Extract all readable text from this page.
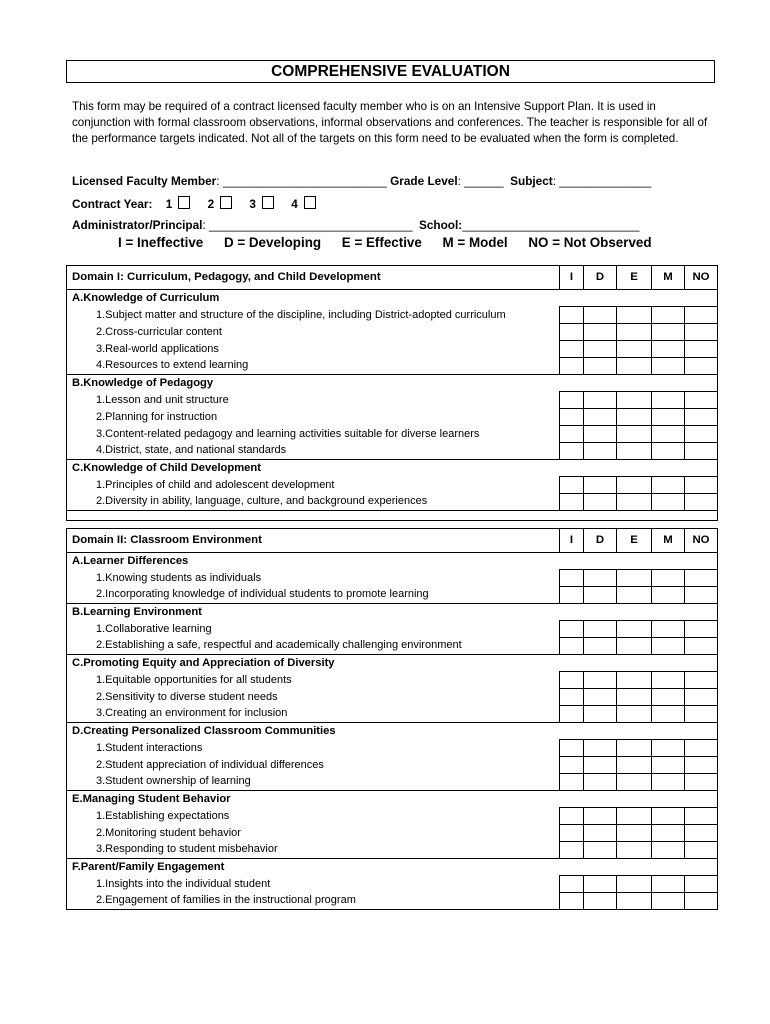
COMPREHENSIVE EVALUATION

This form may be required of a contract licensed faculty member who is on an Intensive Support Plan. It is used in conjunction with formal classroom observations, informal observations and conferences. The teacher is responsible for all of the performance targets indicated. Not all of the targets on this form need to be evaluated when the form is completed.

Licensed Faculty Member: _________________________ Grade Level: ______ Subject: ______________
Contract Year: 1	2	3	4
Administrator/Principal: _______________________________ School:___________________________
I = Ineffective D = Developing E = Effective M = Model NO = Not Observed
Domain I: Curriculum, Pedagogy, and Child Development	I	D	E	M	NO
A.Knowledge of Curriculum					
1.Subject matter and structure of the discipline, including District-adopted curriculum					
2.Cross-curricular content					
3.Real-world applications					
4.Resources to extend learning					
B.Knowledge of Pedagogy					
1.Lesson and unit structure					
2.Planning for instruction					
3.Content-related pedagogy and learning activities suitable for diverse learners					
4.District, state, and national standards					
C.Knowledge of Child Development					
1.Principles of child and adolescent development					
2.Diversity in ability, language, culture, and background experiences					

Domain II: Classroom Environment	I	D	E	M	NO
A.Learner Differences					
1.Knowing students as individuals					
2.Incorporating knowledge of individual students to promote learning					
B.Learning Environment					
1.Collaborative learning					
2.Establishing a safe, respectful and academically challenging environment					
C.Promoting Equity and Appreciation of Diversity					
1.Equitable opportunities for all students					
2.Sensitivity to diverse student needs					
3.Creating an environment for inclusion					
D.Creating Personalized Classroom Communities					
1.Student interactions					
2.Student appreciation of individual differences					
3.Student ownership of learning					
E.Managing Student Behavior					
1.Establishing expectations					
2.Monitoring student behavior					
3.Responding to student misbehavior					
F.Parent/Family Engagement					
1.Insights into the individual student					
2.Engagement of families in the instructional program					
